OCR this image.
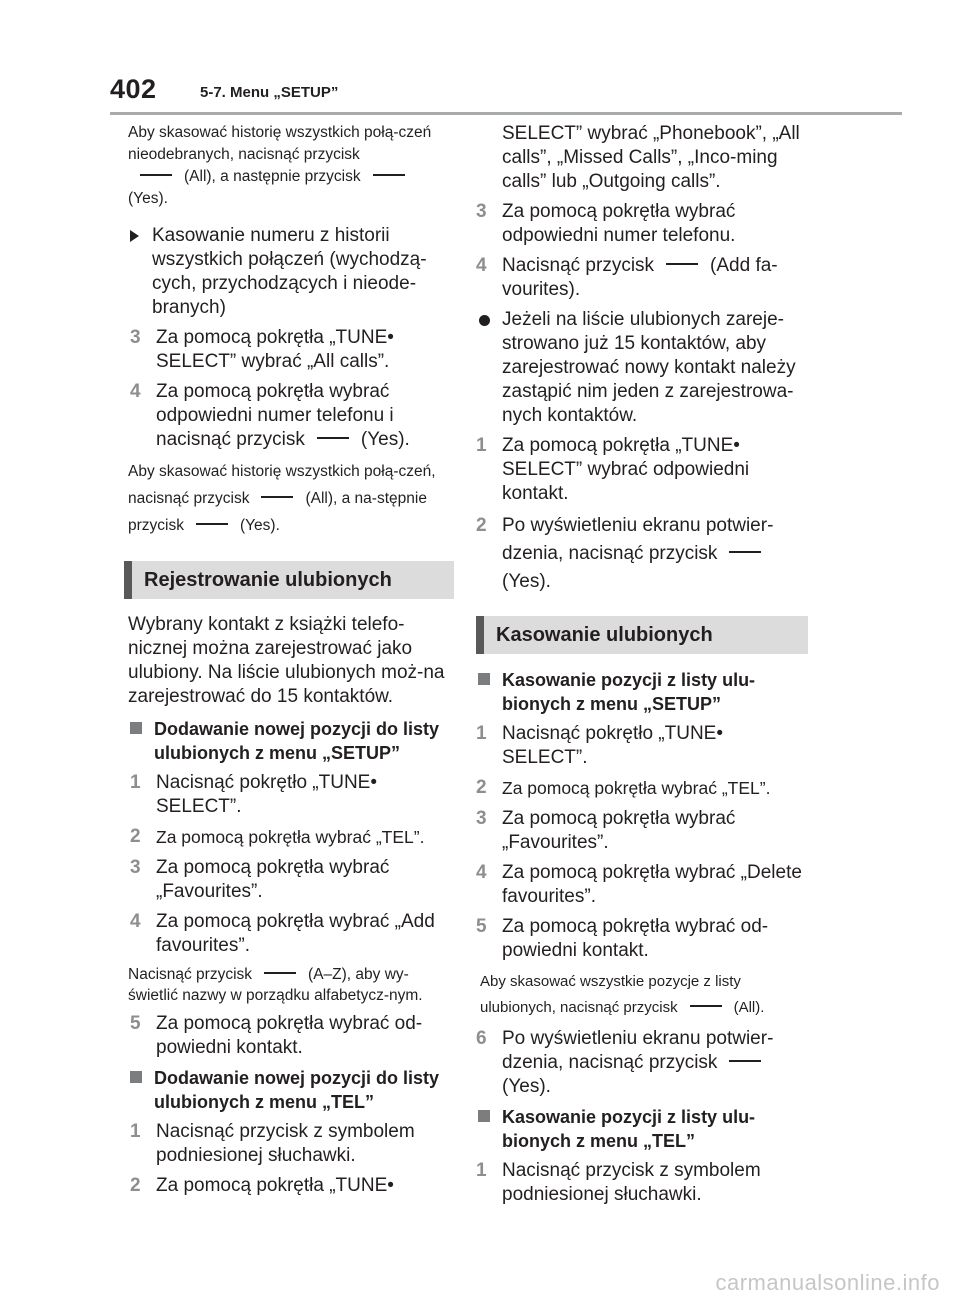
402	5-7. Menu „SETUP”

Aby skasować historię wszystkich połą-czeń nieodebranych, nacisnąć przycisk
(All), a następnie przycisk
(Yes).

Kasowanie numeru z historii wszystkich połączeń (wychodzą-cych, przychodzących i nieode-branych)
3 Za pomocą pokrętła „TUNE• SELECT” wybrać „All calls”.
4 Za pomocą pokrętła wybrać odpowiedni numer telefonu i nacisnąć przycisk	(Yes).

Aby skasować historię wszystkich połą-czeń, nacisnąć przycisk	(All), a na-stępnie przycisk	(Yes).

Rejestrowanie ulubionych

Wybrany kontakt z książki telefo-nicznej można zarejestrować jako ulubiony. Na liście ulubionych moż-na zarejestrować do 15 kontaktów.

Dodawanie nowej pozycji do listy ulubionych z menu „SETUP”
1 Nacisnąć pokrętło „TUNE• SELECT”.
2 Za pomocą pokrętła wybrać „TEL”.
3 Za pomocą pokrętła wybrać „Favourites”.
4 Za pomocą pokrętła wybrać „Add favourites”.

Nacisnąć przycisk	(A–Z), aby wy-świetlić nazwy w porządku alfabetycz-nym.

5 Za pomocą pokrętła wybrać od-powiedni kontakt.
Dodawanie nowej pozycji do listy ulubionych z menu „TEL”
1 Nacisnąć przycisk z symbolem podniesionej słuchawki.
2 Za pomocą pokrętła „TUNE•

SELECT” wybrać „Phonebook”, „All calls”, „Missed Calls”, „Inco-ming calls” lub „Outgoing calls”.

3 Za pomocą pokrętła wybrać odpowiedni numer telefonu.
4 Nacisnąć przycisk	(Add fa-vourites).
Jeżeli na liście ulubionych zareje-strowano już 15 kontaktów, aby zarejestrować nowy kontakt należy zastąpić nim jeden z zarejestrowa-nych kontaktów.
1 Za pomocą pokrętła „TUNE• SELECT” wybrać odpowiedni kontakt.
2 Po wyświetleniu ekranu potwier-dzenia, nacisnąć przycisk(Yes).
Kasowanie ulubionych
Kasowanie pozycji z listy ulu-bionych z menu „SETUP”
1 Nacisnąć pokrętło „TUNE• SELECT”.
2 Za pomocą pokrętła wybrać „TEL”.
3 Za pomocą pokrętła wybrać „Favourites”.
4 Za pomocą pokrętła wybrać „Delete favourites”.
5 Za pomocą pokrętła wybrać od-powiedni kontakt.

Aby skasować wszystkie pozycje z listy ulubionych, nacisnąć przycisk	(All).

6 Po wyświetleniu ekranu potwier-dzenia, nacisnąć przycisk(Yes).
Kasowanie pozycji z listy ulu-bionych z menu „TEL”
1 Nacisnąć przycisk z symbolem podniesionej słuchawki.
carmanualsonline.info
